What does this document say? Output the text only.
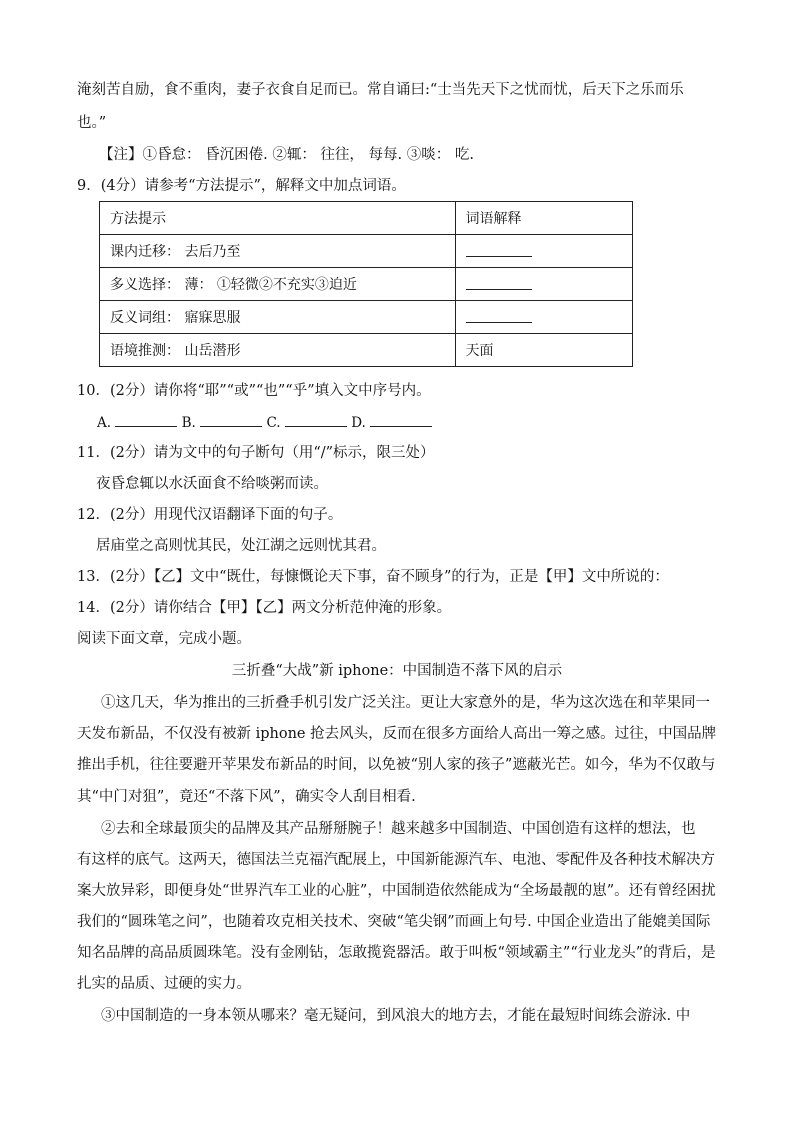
淹刻苦自励，食不重肉，妻子衣食自足而已。常自诵曰:“士当先天下之忧而忧，后天下之乐而乐
也。”
【注】①昏怠： 昏沉困倦. ②辄： 往往， 每每. ③啖： 吃.
9．(4分）请参考“方法提示”，解释文中加点词语。
方法提示	词语解释
课内迁移： 去后乃至	
多义选择： 薄： ①轻微②不充实③迫近	
反义词组： 寤寐思服	
语境推测： 山岳潜形	天面
10．(2分）请你将“耶”“或”“也”“乎”填入文中序号内。
A.	B.	C.	D.
11．(2分）请为文中的句子断句（用“/”标示，限三处）
夜昏怠辄以水沃面食不给啖粥而读。
12．(2分）用现代汉语翻译下面的句子。
居庙堂之高则忧其民，处江湖之远则忧其君。
13．(2分）【乙】文中“既仕，每慷慨论天下事，奋不顾身”的行为，正是【甲】文中所说的：
14．(2分）请你结合【甲】【乙】两文分析范仲淹的形象。
阅读下面文章，完成小题。
三折叠“大战”新 iphone：中国制造不落下风的启示
①这几天，华为推出的三折叠手机引发广泛关注。更让大家意外的是，华为这次选在和苹果同一
天发布新品，不仅没有被新 iphone 抢去风头，反而在很多方面给人高出一筹之感。过往，中国品牌
推出手机，往往要避开苹果发布新品的时间，以免被“别人家的孩子”遮蔽光芒。如今，华为不仅敢与
其“中门对狙”，竟还“不落下风”，确实令人刮目相看.
②去和全球最顶尖的品牌及其产品掰掰腕子！越来越多中国制造、中国创造有这样的想法，也
有这样的底气。这两天，德国法兰克福汽配展上，中国新能源汽车、电池、零配件及各种技术解决方
案大放异彩，即便身处“世界汽车工业的心脏”，中国制造依然能成为“全场最靓的崽”。还有曾经困扰
我们的“圆珠笔之问”，也随着攻克相关技术、突破“笔尖钢”而画上句号. 中国企业造出了能媲美国际
知名品牌的高品质圆珠笔。没有金刚钻，怎敢揽瓷器活。敢于叫板“领域霸主”“行业龙头”的背后，是
扎实的品质、过硬的实力。
③中国制造的一身本领从哪来？毫无疑问，到风浪大的地方去，才能在最短时间练会游泳. 中
